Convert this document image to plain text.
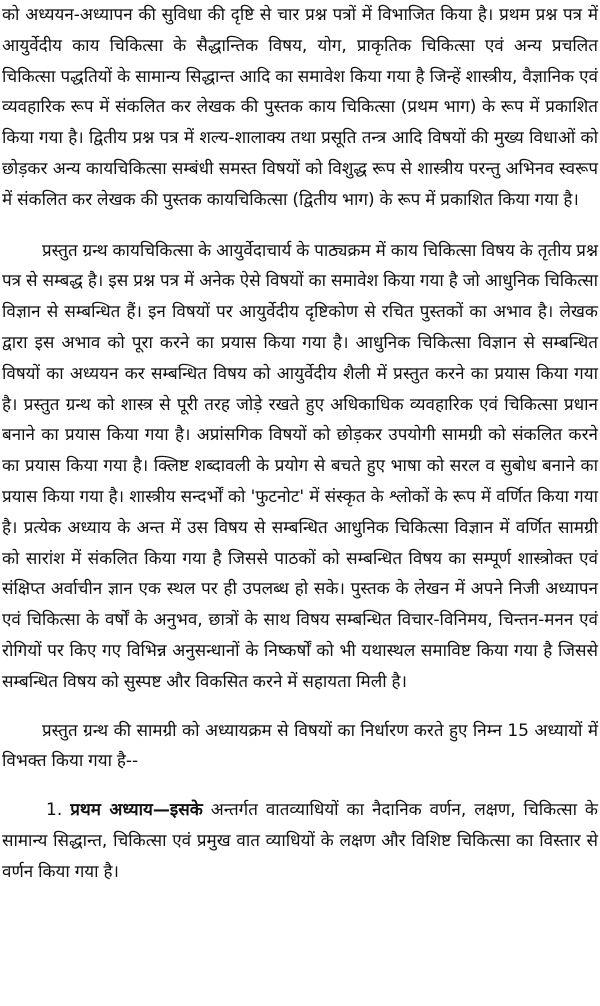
को अध्ययन-अध्यापन की सुविधा की दृष्टि से चार प्रश्न पत्रों में विभाजित किया है। प्रथम प्रश्न पत्र में आयुर्वेदीय काय चिकित्सा के सैद्धान्तिक विषय, योग, प्राकृतिक चिकित्सा एवं अन्य प्रचलित चिकित्सा पद्धतियों के सामान्य सिद्धान्त आदि का समावेश किया गया है जिन्हें शास्त्रीय, वैज्ञानिक एवं व्यवहारिक रूप में संकलित कर लेखक की पुस्तक काय चिकित्सा (प्रथम भाग) के रूप में प्रकाशित किया गया है। द्वितीय प्रश्न पत्र में शल्य-शालाक्य तथा प्रसूति तन्त्र आदि विषयों की मुख्य विधाओं को छोड़कर अन्य कायचिकित्सा सम्बंधी समस्त विषयों को विशुद्ध रूप से शास्त्रीय परन्तु अभिनव स्वरूप में संकलित कर लेखक की पुस्तक कायचिकित्सा (द्वितीय भाग) के रूप में प्रकाशित किया गया है।

प्रस्तुत ग्रन्थ कायचिकित्सा के आयुर्वेदाचार्य के पाठ्यक्रम में काय चिकित्सा विषय के तृतीय प्रश्न पत्र से सम्बद्ध है। इस प्रश्न पत्र में अनेक ऐसे विषयों का समावेश किया गया है जो आधुनिक चिकित्सा विज्ञान से सम्बन्धित हैं। इन विषयों पर आयुर्वेदीय दृष्टिकोण से रचित पुस्तकों का अभाव है। लेखक द्वारा इस अभाव को पूरा करने का प्रयास किया गया है। आधुनिक चिकित्सा विज्ञान से सम्बन्धित विषयों का अध्ययन कर सम्बन्धित विषय को आयुर्वेदीय शैली में प्रस्तुत करने का प्रयास किया गया है। प्रस्तुत ग्रन्थ को शास्त्र से पूरी तरह जोड़े रखते हुए अधिकाधिक व्यवहारिक एवं चिकित्सा प्रधान बनाने का प्रयास किया गया है। अप्रांसगिक विषयों को छोड़कर उपयोगी सामग्री को संकलित करने का प्रयास किया गया है। क्लिष्ट शब्दावली के प्रयोग से बचते हुए भाषा को सरल व सुबोध बनाने का प्रयास किया गया है। शास्त्रीय सन्दर्भों को 'फुटनोट' में संस्कृत के श्लोकों के रूप में वर्णित किया गया है। प्रत्येक अध्याय के अन्त में उस विषय से सम्बन्धित आधुनिक चिकित्सा विज्ञान में वर्णित सामग्री को सारांश में संकलित किया गया है जिससे पाठकों को सम्बन्धित विषय का सम्पूर्ण शास्त्रोक्त एवं संक्षिप्त अर्वाचीन ज्ञान एक स्थल पर ही उपलब्ध हो सके। पुस्तक के लेखन में अपने निजी अध्यापन एवं चिकित्सा के वर्षों के अनुभव, छात्रों के साथ विषय सम्बन्धित विचार-विनिमय, चिन्तन-मनन एवं रोगियों पर किए गए विभिन्न अनुसन्धानों के निष्कर्षों को भी यथास्थल समाविष्ट किया गया है जिससे सम्बन्धित विषय को सुस्पष्ट और विकसित करने में सहायता मिली है।

प्रस्तुत ग्रन्थ की सामग्री को अध्यायक्रम से विषयों का निर्धारण करते हुए निम्न 15 अध्यायों में विभक्त किया गया है--

1. प्रथम अध्याय—इसके अन्तर्गत वातव्याधियों का नैदानिक वर्णन, लक्षण, चिकित्सा के सामान्य सिद्धान्त, चिकित्सा एवं प्रमुख वात व्याधियों के लक्षण और विशिष्ट चिकित्सा का विस्तार से वर्णन किया गया है।
